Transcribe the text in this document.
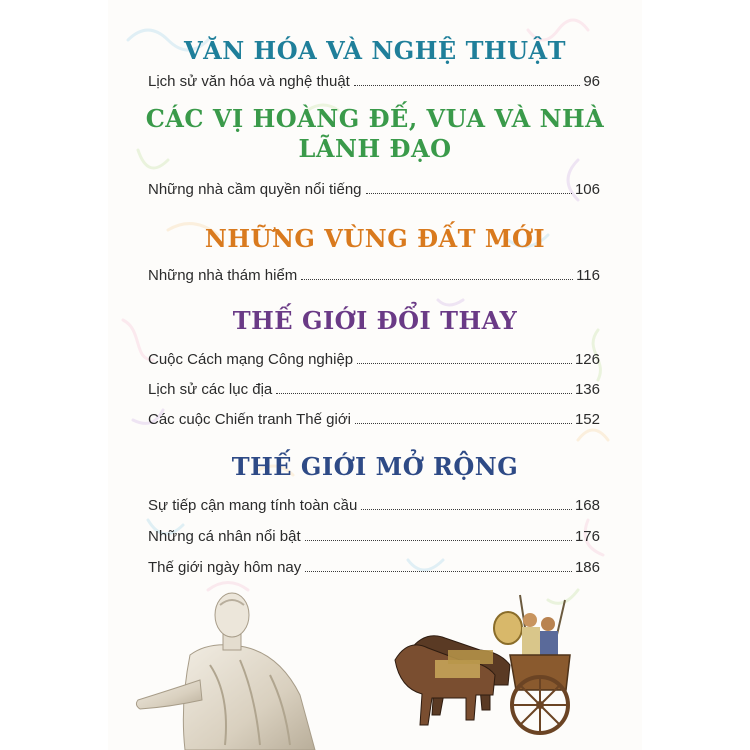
VĂN HÓA VÀ NGHỆ THUẬT
Lịch sử văn hóa và nghệ thuật	96
CÁC VỊ HOÀNG ĐẾ, VUA VÀ NHÀ
LÃNH ĐẠO
Những nhà cầm quyền nổi tiếng	106
NHỮNG VÙNG ĐẤT MỚI
Những nhà thám hiểm	116
THẾ GIỚI ĐỔI THAY
Cuộc Cách mạng Công nghiệp	126
Lịch sử các lục địa	136
Các cuộc Chiến tranh Thế giới	152
THẾ GIỚI MỞ RỘNG
Sự tiếp cận mang tính toàn cầu	168
Những cá nhân nổi bật	176
Thế giới ngày hôm nay	186
